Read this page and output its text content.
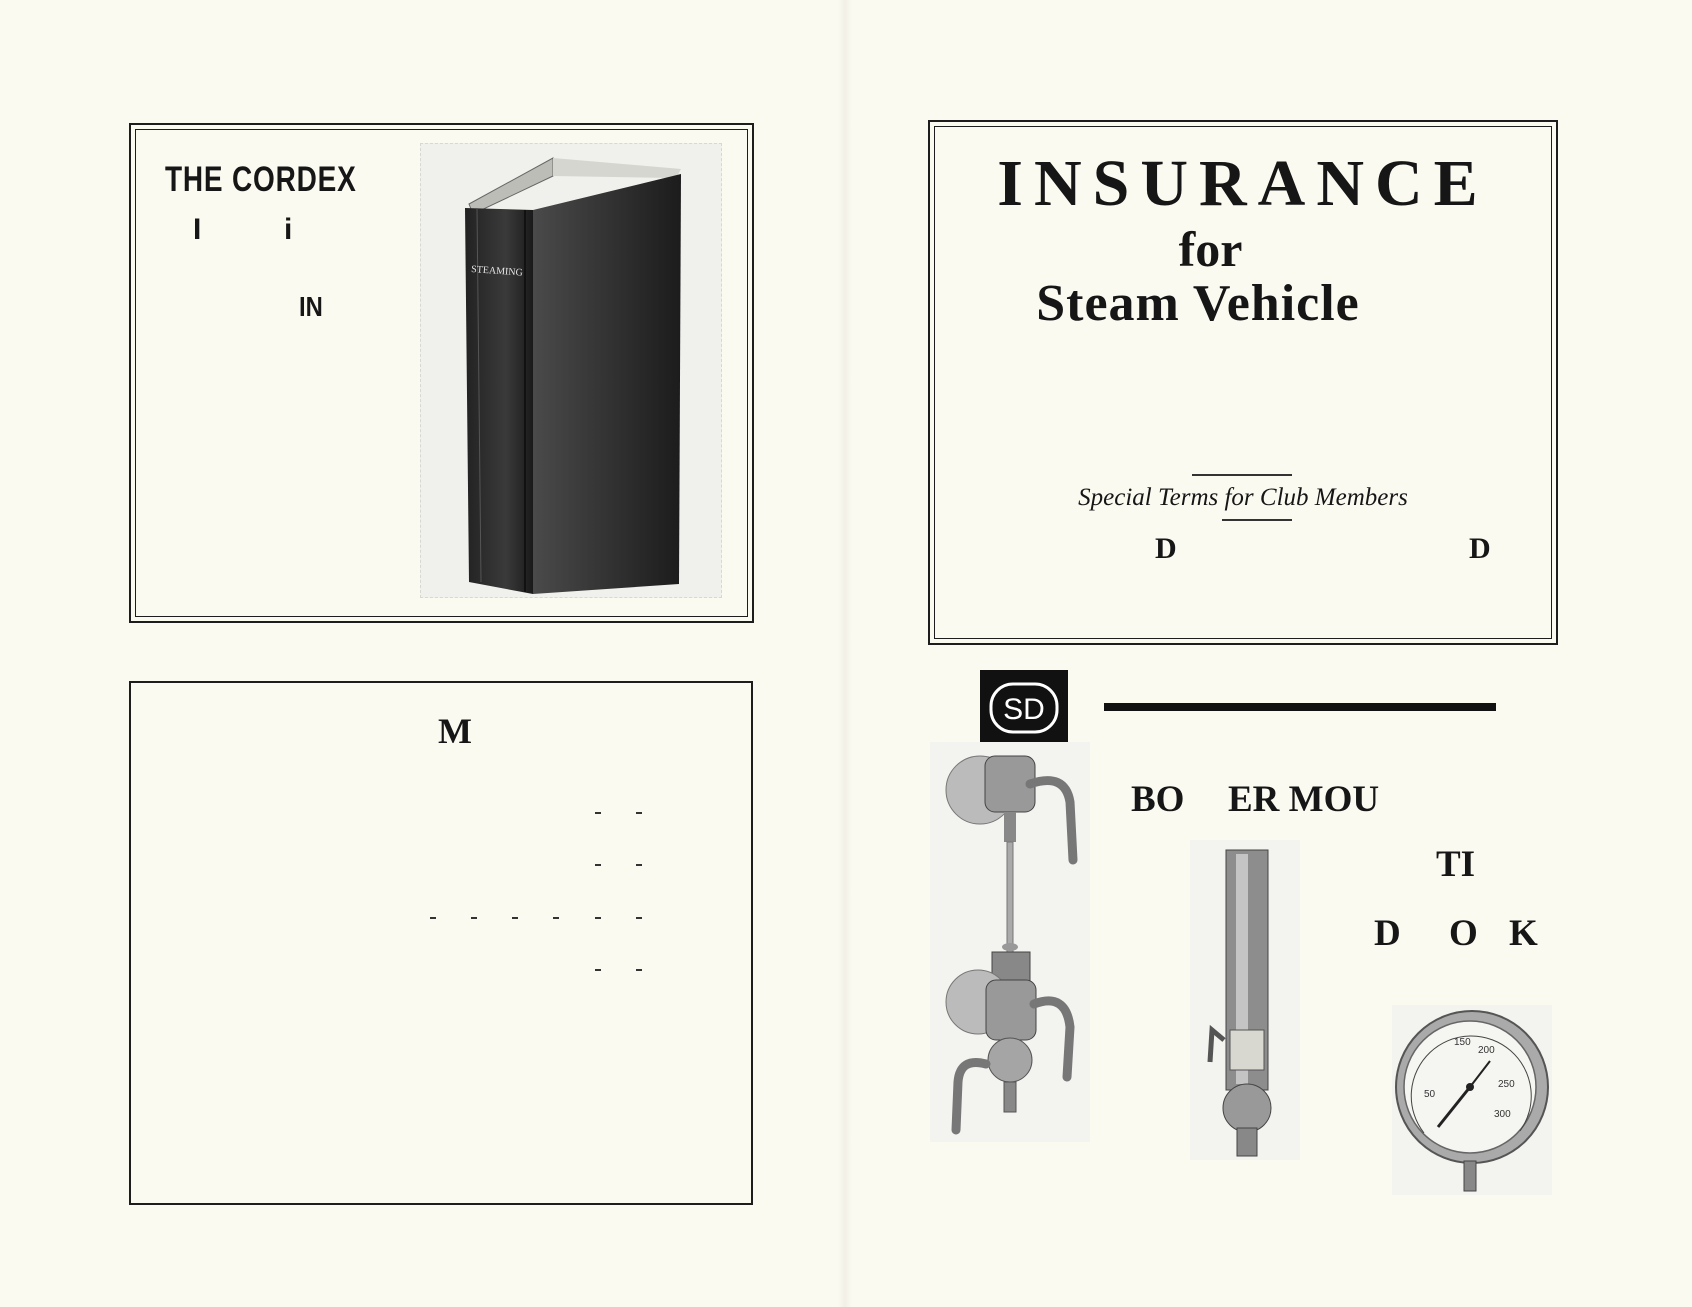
THE CORDEX
I	i
IN
STEAMING
M
INSURANCE
for
Steam Vehicle
Special Terms for Club Members
D	D
SD
BO ER MOU
TI
D O K
50
150
200
250
300
